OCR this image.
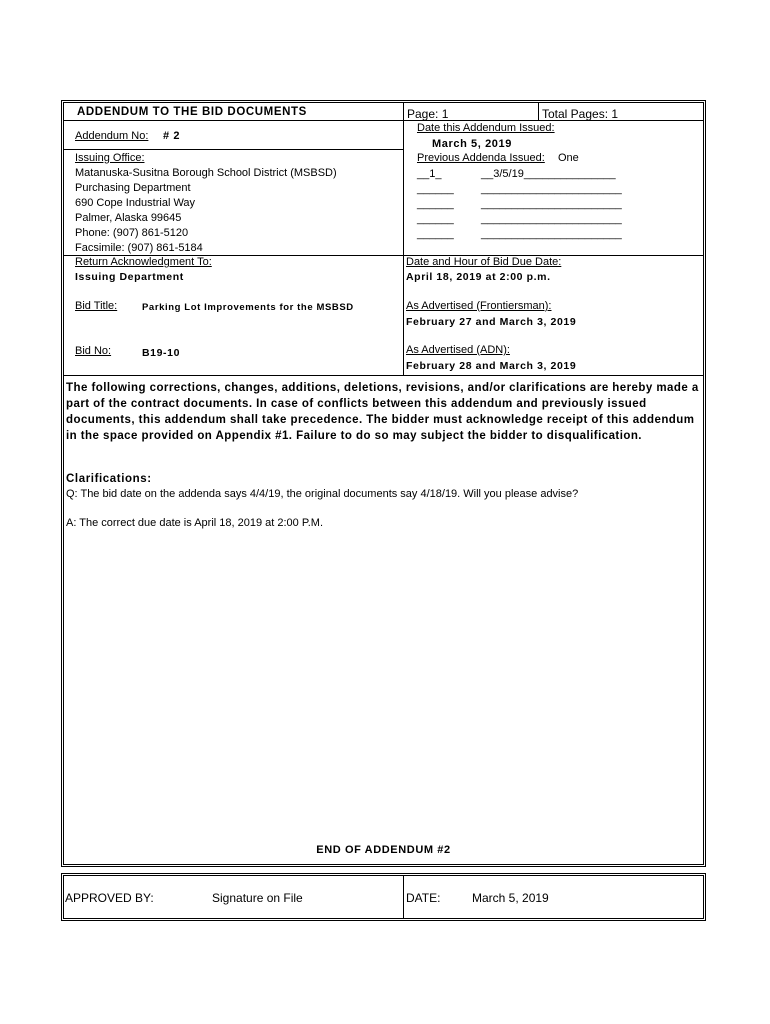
ADDENDUM TO THE BID DOCUMENTS	Page: 1	Total Pages: 1
Addendum No: # 2
Date this Addendum Issued:
March 5, 2019
Issuing Office:
Matanuska-Susitna Borough School District (MSBSD)
Purchasing Department
690 Cope Industrial Way
Palmer, Alaska 99645
Phone: (907) 861-5120
Facsimile: (907) 861-5184
Previous Addenda Issued: One
__1_	__3/5/19_______________
______ _______________________
______ _______________________
______ _______________________
______ _______________________
Return Acknowledgment To:
Issuing Department
Date and Hour of Bid Due Date:
April 18, 2019 at 2:00 p.m.
Bid Title:	Parking Lot Improvements for the MSBSD	As Advertised (Frontiersman):
February 27 and March 3, 2019
Bid No:	B19-10	As Advertised (ADN):
February 28 and March 3, 2019
The following corrections, changes, additions, deletions, revisions, and/or clarifications are hereby made a part of the contract documents. In case of conflicts between this addendum and previously issued documents, this addendum shall take precedence. The bidder must acknowledge receipt of this addendum in the space provided on Appendix #1. Failure to do so may subject the bidder to disqualification.
Clarifications:
Q: The bid date on the addenda says 4/4/19, the original documents say 4/18/19. Will you please advise?
A: The correct due date is April 18, 2019 at 2:00 P.M.
END OF ADDENDUM #2
APPROVED BY:	Signature on File	DATE:	March 5, 2019
